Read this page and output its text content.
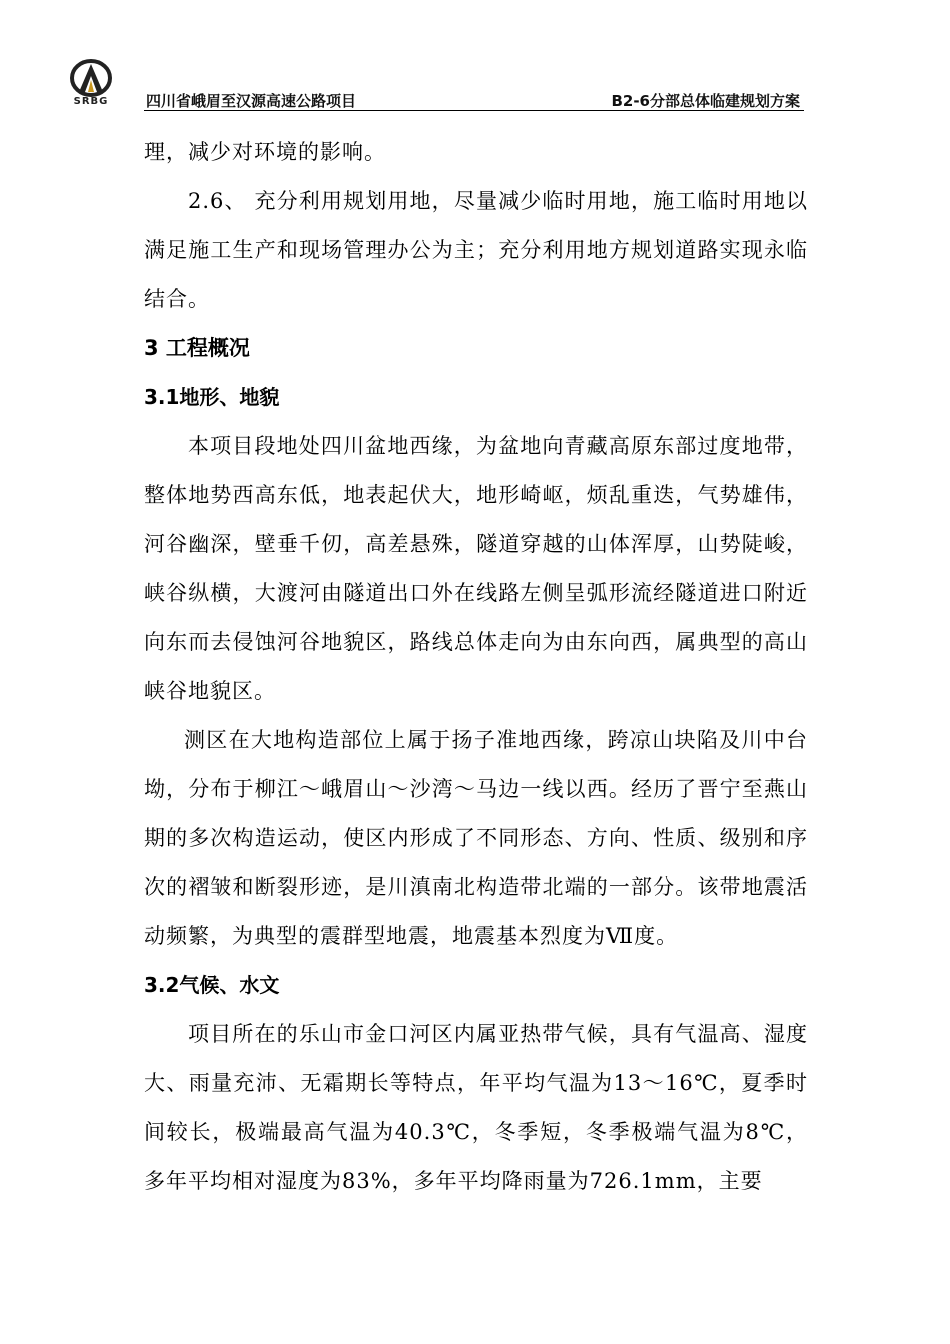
SRBG	四川省峨眉至汉源高速公路项目	B2-6分部总体临建规划方案

理，减少对环境的影响。

2.6、 充分利用规划用地，尽量减少临时用地，施工临时用地以满足施工生产和现场管理办公为主；充分利用地方规划道路实现永临结合。

3 工程概况

3.1地形、地貌

本项目段地处四川盆地西缘，为盆地向青藏高原东部过度地带，整体地势西高东低，地表起伏大，地形崎岖，烦乱重迭，气势雄伟，河谷幽深，壁垂千仞，高差悬殊，隧道穿越的山体浑厚，山势陡峻，峡谷纵横，大渡河由隧道出口外在线路左侧呈弧形流经隧道进口附近向东而去侵蚀河谷地貌区，路线总体走向为由东向西，属典型的高山峡谷地貌区。

测区在大地构造部位上属于扬子准地西缘，跨凉山块陷及川中台坳，分布于柳江～峨眉山～沙湾～马边一线以西。经历了晋宁至燕山期的多次构造运动，使区内形成了不同形态、方向、性质、级别和序次的褶皱和断裂形迹，是川滇南北构造带北端的一部分。该带地震活动频繁，为典型的震群型地震，地震基本烈度为Ⅶ度。

3.2气候、水文

项目所在的乐山市金口河区内属亚热带气候，具有气温高、湿度大、雨量充沛、无霜期长等特点，年平均气温为13～16℃，夏季时间较长，极端最高气温为40.3℃，冬季短，冬季极端气温为8℃，多年平均相对湿度为83%，多年平均降雨量为726.1mm，主要
